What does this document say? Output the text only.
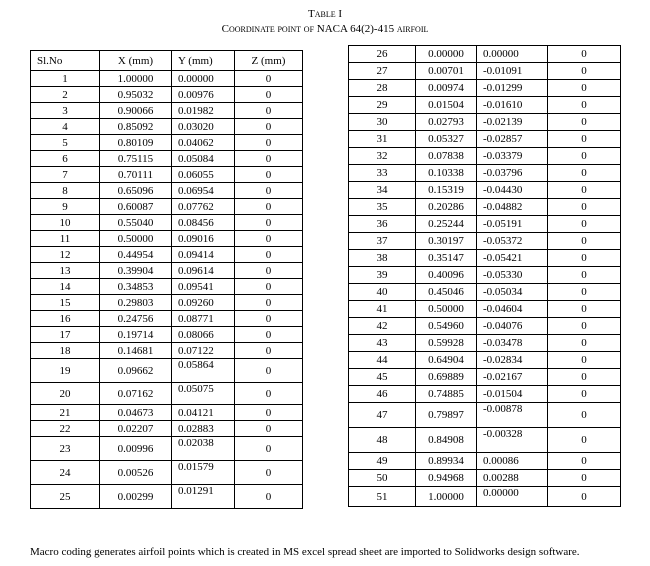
Table I
Coordinate point of NACA 64(2)-415 airfoil
Sl.No	X (mm)	Y (mm)	Z (mm)
1	1.00000	0.00000	0
2	0.95032	0.00976	0
3	0.90066	0.01982	0
4	0.85092	0.03020	0
5	0.80109	0.04062	0
6	0.75115	0.05084	0
7	0.70111	0.06055	0
8	0.65096	0.06954	0
9	0.60087	0.07762	0
10	0.55040	0.08456	0
11	0.50000	0.09016	0
12	0.44954	0.09414	0
13	0.39904	0.09614	0
14	0.34853	0.09541	0
15	0.29803	0.09260	0
16	0.24756	0.08771	0
17	0.19714	0.08066	0
18	0.14681	0.07122	0
19	0.09662	0.05864	0
20	0.07162	0.05075	0
21	0.04673	0.04121	0
22	0.02207	0.02883	0
23	0.00996	0.02038	0
24	0.00526	0.01579	0
25	0.00299	0.01291	0
26	0.00000	0.00000	0
27	0.00701	-0.01091	0
28	0.00974	-0.01299	0
29	0.01504	-0.01610	0
30	0.02793	-0.02139	0
31	0.05327	-0.02857	0
32	0.07838	-0.03379	0
33	0.10338	-0.03796	0
34	0.15319	-0.04430	0
35	0.20286	-0.04882	0
36	0.25244	-0.05191	0
37	0.30197	-0.05372	0
38	0.35147	-0.05421	0
39	0.40096	-0.05330	0
40	0.45046	-0.05034	0
41	0.50000	-0.04604	0
42	0.54960	-0.04076	0
43	0.59928	-0.03478	0
44	0.64904	-0.02834	0
45	0.69889	-0.02167	0
46	0.74885	-0.01504	0
47	0.79897	-0.00878	0
48	0.84908	-0.00328	0
49	0.89934	0.00086	0
50	0.94968	0.00288	0
51	1.00000	0.00000	0
Macro coding generates airfoil points which is created in MS excel spread sheet are imported to Solidworks design software.
